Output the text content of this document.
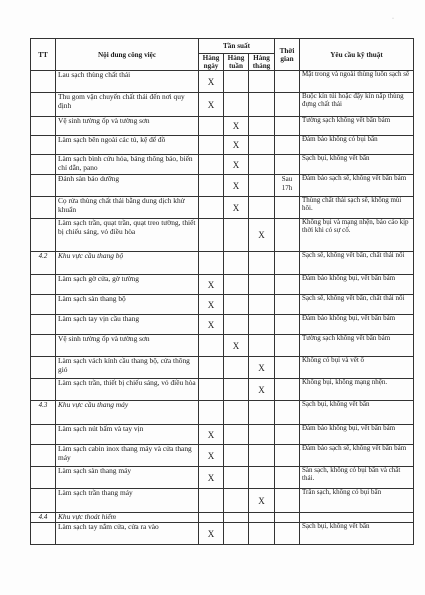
·
TT	Nội dung công việc	Tần suất			Thời gian	Yêu cầu kỹ thuật
		Hàng ngày	Hàng tuần	Hàng tháng		
	Lau sạch thùng chất thải	X				Mặt trong và ngoài thùng luôn sạch sẽ
	Thu gom vận chuyển chất thải đến nơi quy định	X				Buộc kín túi hoặc đậy kín nắp thùng đựng chất thải
	Vệ sinh tường ốp và tường sơn		X			Tường sạch không vết bẩn bám
	Làm sạch bên ngoài các tủ, kệ để đồ		X			Đảm bảo không có bụi bẩn
	Làm sạch bình cứu hỏa, bảng thông báo, biển chỉ dẫn, pano		X			Sạch bụi, không vết bẩn
	Đánh sàn bảo dưỡng		X		Sau 17h	Đảm bảo sạch sẽ, không vết bẩn bám
	Cọ rửa thùng chất thải bằng dung dịch khử khuẩn		X			Thùng chất thải sạch sẽ, không mùi hôi.
	Làm sạch trần, quạt trần, quạt treo tường, thiết bị chiếu sáng, vỏ điều hòa			X		Không bụi và mạng nhện, báo cáo kịp thời khi có sự cố.
4.2	Khu vực cầu thang bộ					Sạch sẽ, không vết bẩn, chất thải nổi
	Làm sạch gờ cửa, gờ tường	X				Đảm bảo không bụi, vết bẩn bám
	Làm sạch sàn thang bộ	X				Sạch sẽ, không vết bẩn, chất thải nổi
	Làm sạch tay vịn cầu thang	X				Đảm bảo không bụi, vết bẩn bám
	Vệ sinh tường ốp và tường sơn		X			Tường sạch không vết bẩn bám
	Làm sạch vách kính cầu thang bộ, cửa thông gió			X		Không có bụi và vết ố
	Làm sạch trần, thiết bị chiếu sáng, vỏ điều hòa			X		Không bụi, không mạng nhện.
4.3	Khu vực cầu thang máy					Sạch bụi, không vết bẩn
	Làm sạch nút bấm và tay vịn	X				Đảm bảo không bụi, vết bẩn bám
	Làm sạch cabin inox thang máy và cửa thang máy	X				Đảm bảo sạch sẽ, không vết bẩn bám
	Làm sạch sàn thang máy	X				Sàn sạch, không có bụi bẩn và chất thải.
	Làm sạch trần thang máy			X		Trần sạch, không có bụi bẩn
4.4	Khu vực thoát hiểm					
	Làm sạch tay nắm cửa, cửa ra vào	X				Sạch bụi, không vết bẩn
